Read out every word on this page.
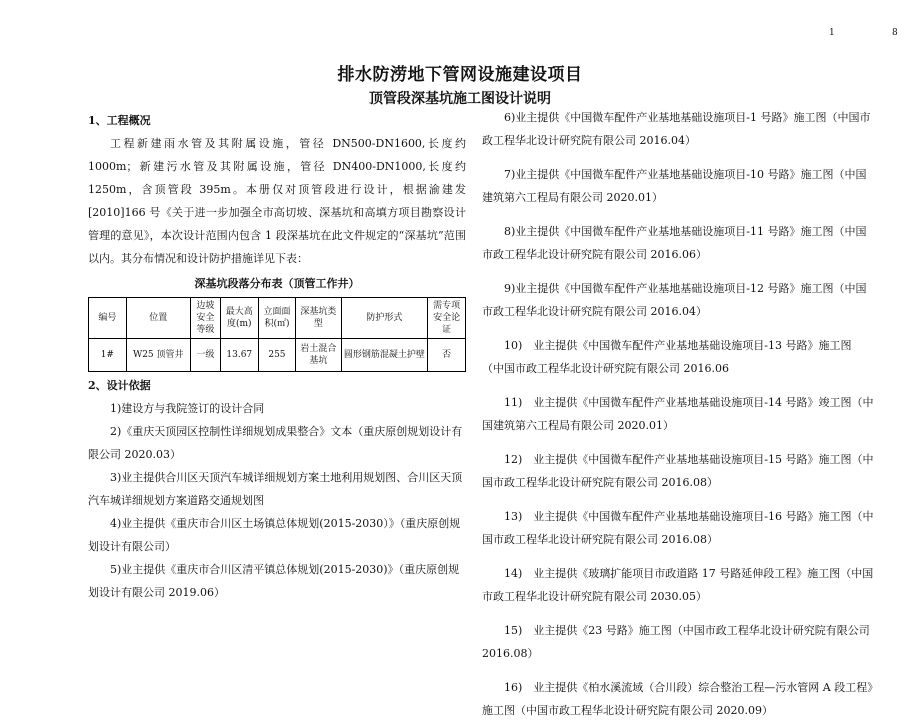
1	8
排水防涝地下管网设施建设项目
顶管段深基坑施工图设计说明

1、工程概况

工程新建雨水管及其附属设施，管径 DN500-DN1600,长度约 1000m；新建污水管及其附属设施，管径 DN400-DN1000,长度约 1250m，含顶管段 395m。本册仅对顶管段进行设计，根据渝建发[2010]166 号《关于进一步加强全市高切坡、深基坑和高填方项目勘察设计管理的意见》，本次设计范围内包含 1 段深基坑在此文件规定的“深基坑”范围以内。其分布情况和设计防护措施详见下表：

深基坑段落分布表（顶管工作井）
编号	位置	边坡安全等级	最大高度(m)	立面面积(㎡)	深基坑类型	防护形式	需专项安全论证
1#	W25 顶管井	一级	13.67	255	岩土混合基坑	圆形钢筋混凝土护壁	否

2、设计依据

1)建设方与我院签订的设计合同

2)《重庆天顶园区控制性详细规划成果整合》文本（重庆原创规划设计有限公司 2020.03）

3)业主提供合川区天顶汽车城详细规划方案土地利用规划图、合川区天顶汽车城详细规划方案道路交通规划图

4)业主提供《重庆市合川区土场镇总体规划(2015-2030）》（重庆原创规划设计有限公司）

5)业主提供《重庆市合川区清平镇总体规划(2015-2030)》（重庆原创规划设计有限公司 2019.06）

6)业主提供《中国微车配件产业基地基础设施项目-1 号路》施工图（中国市政工程华北设计研究院有限公司 2016.04）

7)业主提供《中国微车配件产业基地基础设施项目-10 号路》施工图（中国建筑第六工程局有限公司 2020.01）

8)业主提供《中国微车配件产业基地基础设施项目-11 号路》施工图（中国市政工程华北设计研究院有限公司 2016.06）

9)业主提供《中国微车配件产业基地基础设施项目-12 号路》施工图（中国市政工程华北设计研究院有限公司 2016.04）

10)　业主提供《中国微车配件产业基地基础设施项目-13 号路》施工图　（中国市政工程华北设计研究院有限公司 2016.06

11)　业主提供《中国微车配件产业基地基础设施项目-14 号路》竣工图（中国建筑第六工程局有限公司 2020.01）

12)　业主提供《中国微车配件产业基地基础设施项目-15 号路》施工图（中国市政工程华北设计研究院有限公司 2016.08）

13)　业主提供《中国微车配件产业基地基础设施项目-16 号路》施工图（中国市政工程华北设计研究院有限公司 2016.08）

14)　业主提供《玻璃扩能项目市政道路 17 号路延伸段工程》施工图（中国市政工程华北设计研究院有限公司 2030.05）

15)　业主提供《23 号路》施工图（中国市政工程华北设计研究院有限公司 2016.08）

16)　业主提供《柏水溪流域（合川段）综合整治工程—污水管网 A 段工程》施工图（中国市政工程华北设计研究院有限公司 2020.09）
